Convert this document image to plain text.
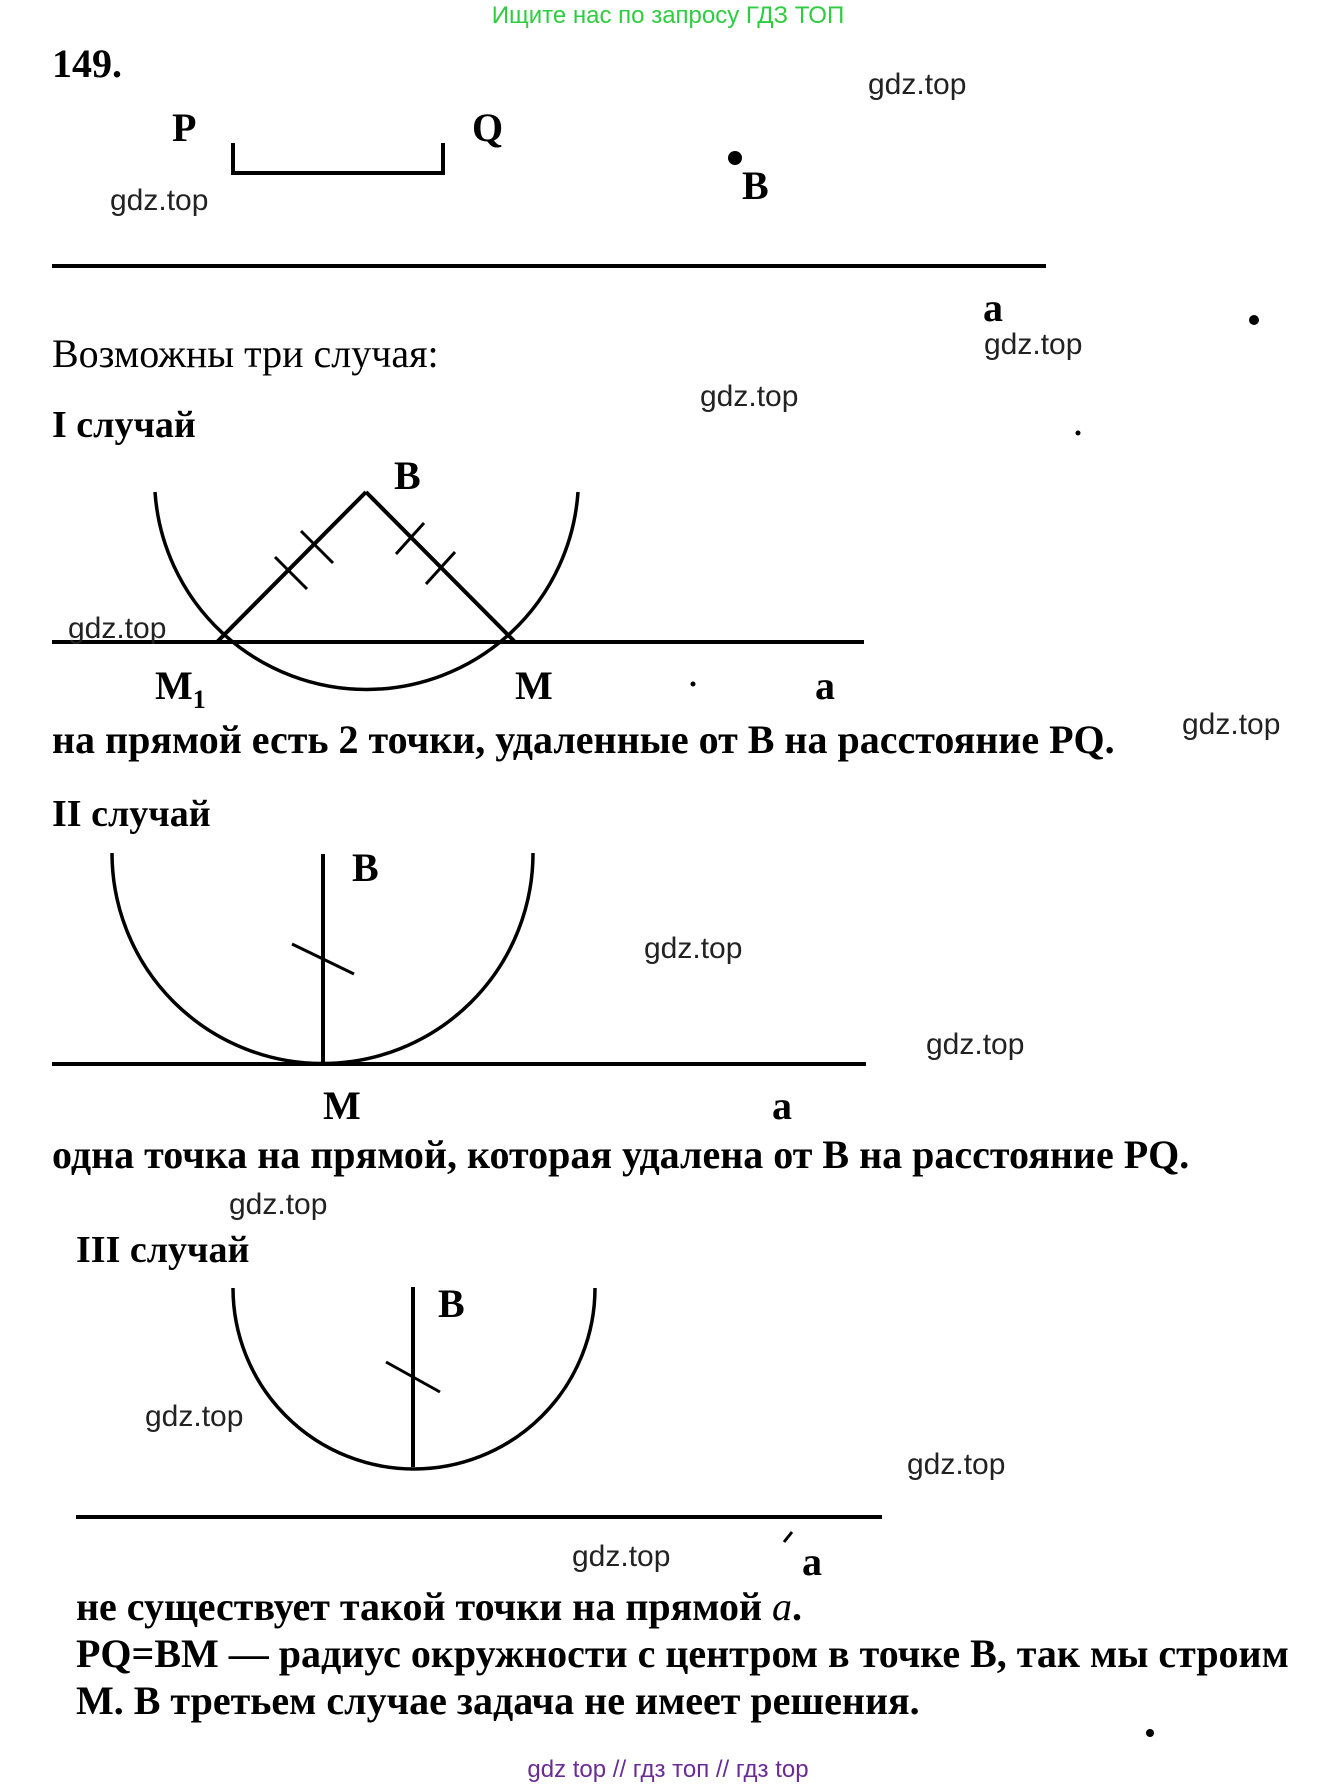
Ищите нас по запросу ГДЗ ТОП
149.
P	Q
B
a
gdz.top
gdz.top
gdz.top
gdz.top
gdz.top
gdz.top
gdz.top
gdz.top
gdz.top
gdz.top
gdz.top
gdz.top
Возможны три случая:
I случай
B
$M_1$	M	a
на прямой есть 2 точки, удаленные от B на расстояние PQ.
II случай
B
M	a
одна точка на прямой, которая удалена от B на расстояние PQ.
III случай
B
a
не существует такой точки на прямой a.
PQ=BM — радиус окружности с центром в точке B, так мы строим
M. В третьем случае задача не имеет решения.
gdz top // гдз топ // гдз top
